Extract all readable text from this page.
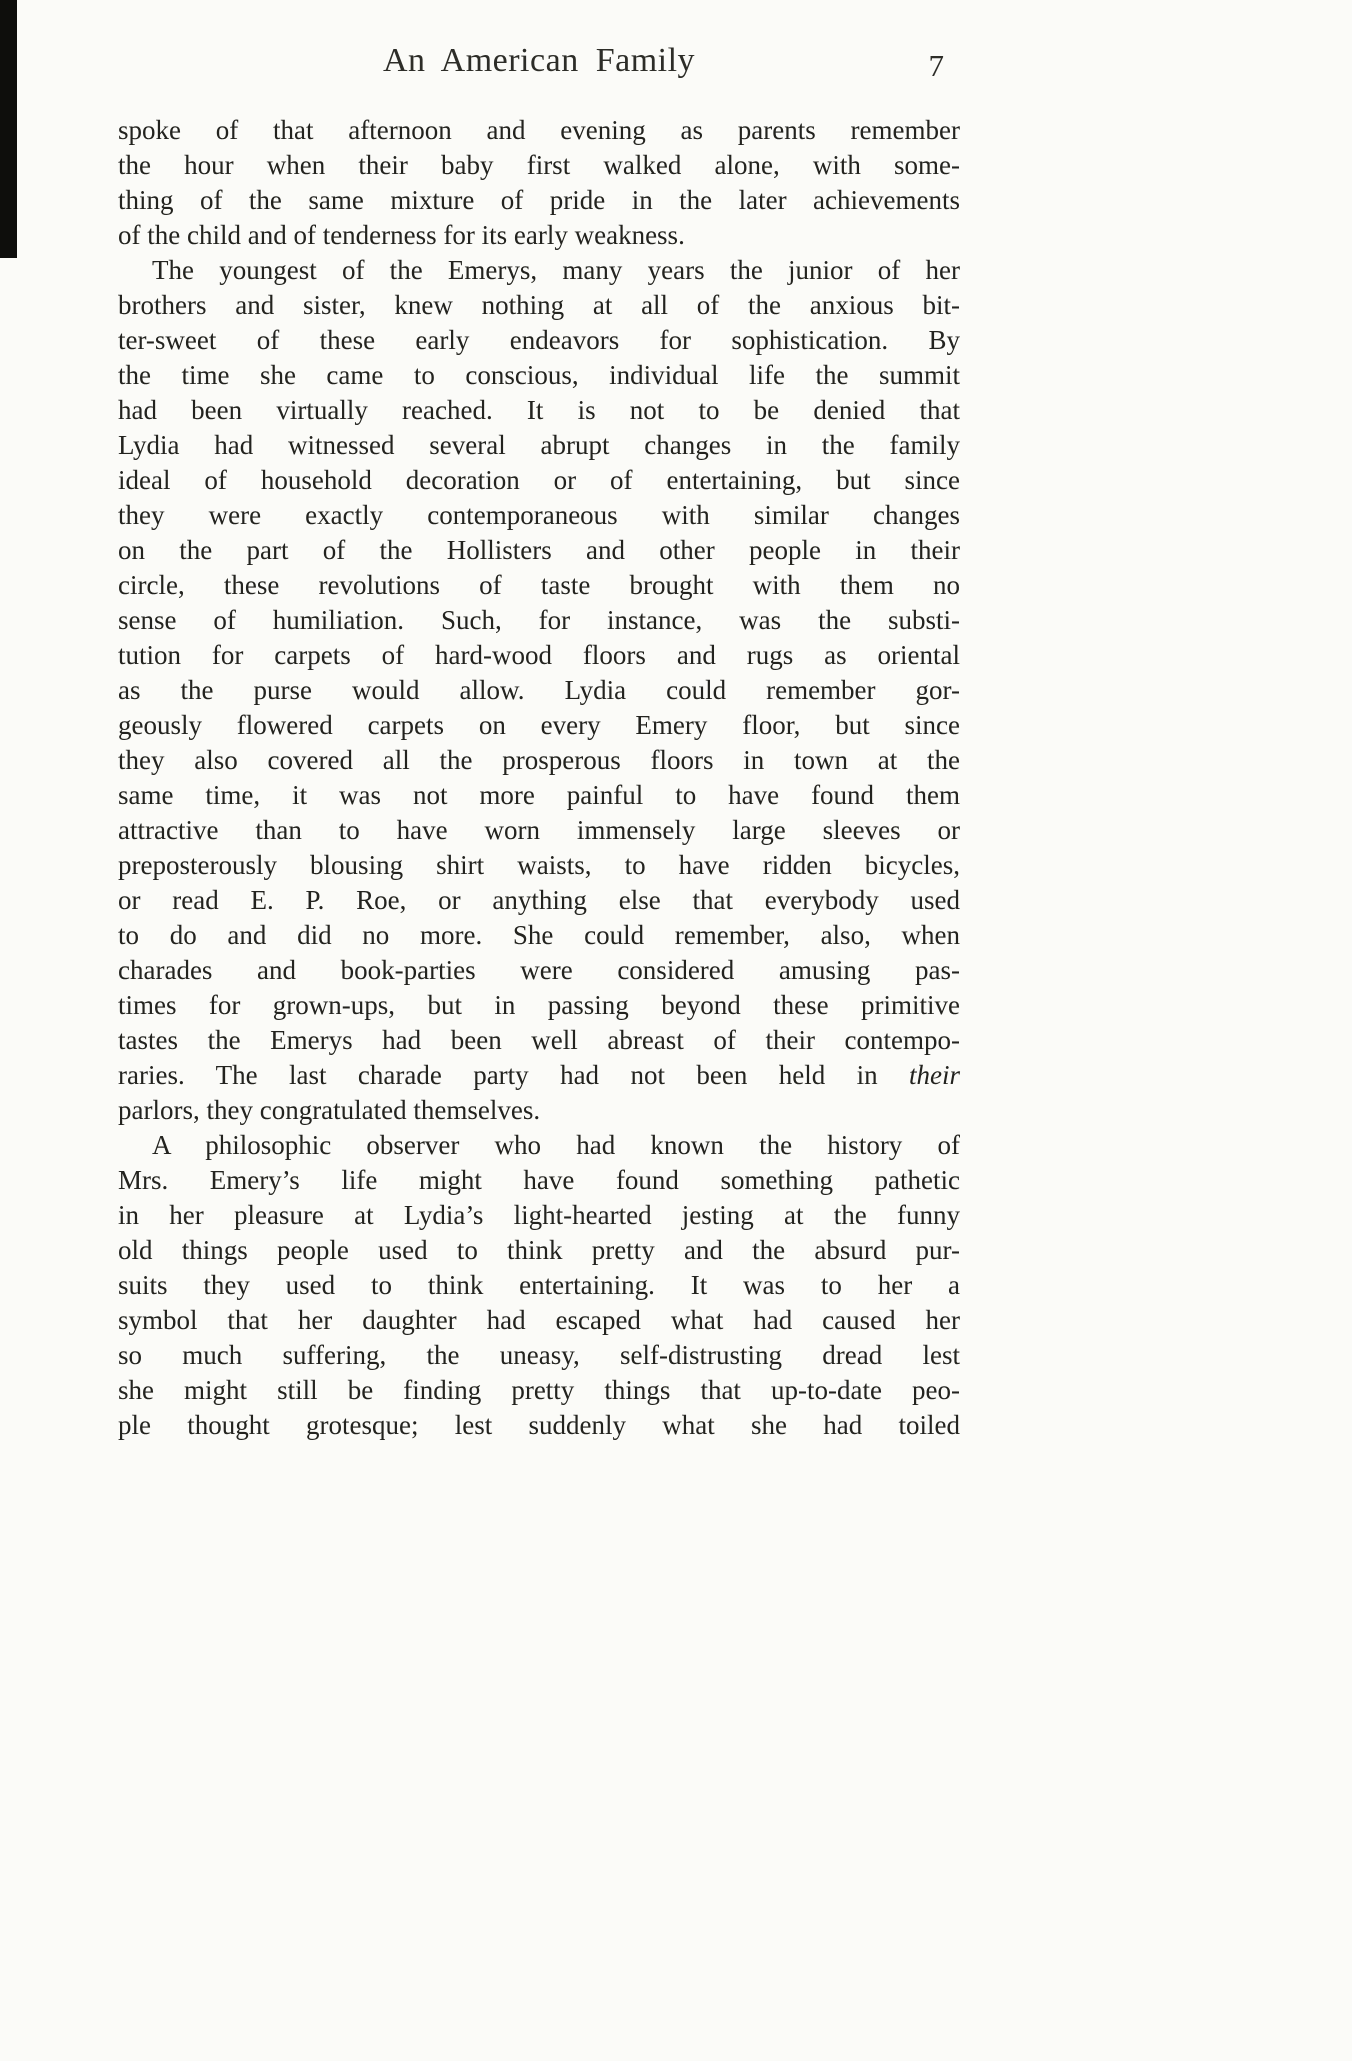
An American Family	7
spoke of that afternoon and evening as parents remember
the hour when their baby first walked alone, with some-
thing of the same mixture of pride in the later achievements
of the child and of tenderness for its early weakness.
The youngest of the Emerys, many years the junior of her
brothers and sister, knew nothing at all of the anxious bit-
ter-sweet of these early endeavors for sophistication. By
the time she came to conscious, individual life the summit
had been virtually reached. It is not to be denied that
Lydia had witnessed several abrupt changes in the family
ideal of household decoration or of entertaining, but since
they were exactly contemporaneous with similar changes
on the part of the Hollisters and other people in their
circle, these revolutions of taste brought with them no
sense of humiliation. Such, for instance, was the substi-
tution for carpets of hard-wood floors and rugs as oriental
as the purse would allow. Lydia could remember gor-
geously flowered carpets on every Emery floor, but since
they also covered all the prosperous floors in town at the
same time, it was not more painful to have found them
attractive than to have worn immensely large sleeves or
preposterously blousing shirt waists, to have ridden bicycles,
or read E. P. Roe, or anything else that everybody used
to do and did no more. She could remember, also, when
charades and book-parties were considered amusing pas-
times for grown-ups, but in passing beyond these primitive
tastes the Emerys had been well abreast of their contempo-
raries. The last charade party had not been held in their
parlors, they congratulated themselves.
A philosophic observer who had known the history of
Mrs. Emery’s life might have found something pathetic
in her pleasure at Lydia’s light-hearted jesting at the funny
old things people used to think pretty and the absurd pur-
suits they used to think entertaining. It was to her a
symbol that her daughter had escaped what had caused her
so much suffering, the uneasy, self-distrusting dread lest
she might still be finding pretty things that up-to-date peo-
ple thought grotesque; lest suddenly what she had toiled
